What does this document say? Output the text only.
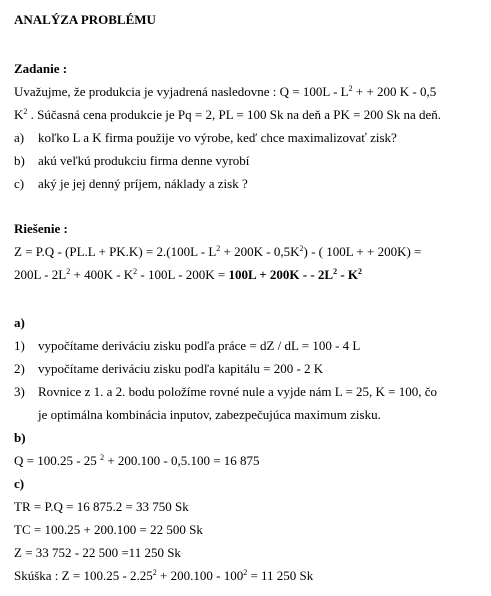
ANALÝZA PROBLÉMU
Zadanie :
Uvažujme, že produkcia je vyjadrená nasledovne : $Q = 100L - L^2$ + + 200 K - 0,5
$K^2$ . Súčasná cena produkcie je Pq = 2, PL = 100 Sk na deň a PK = 200 Sk na deň.
a) koľko L a K firma použije vo výrobe, keď chce maximalizovať zisk?
b) akú veľkú produkciu firma denne vyrobí
c) aký je jej denný príjem, náklady a zisk ?
Riešenie :
$Z = P.Q - (PL.L + PK.K) = 2.(100L - L^2 + 200K - 0,5K^2)$ - ( 100L + + 200K) =
$200L - 2L^2 + 400K - K^2 - 100L - 200K = 100L + 200K$ - - $2L^2 - K^2$
a)
1) vypočítame deriváciu zisku podľa práce = dZ / dL = 100 - 4 L
2) vypočítame deriváciu zisku podľa kapitálu = 200 - 2 K
3) Rovnice z 1. a 2. bodu položíme rovné nule a vyjde nám L = 25, K = 100, čo
je optimálna kombinácia inputov, zabezpečujúca maximum zisku.
b)
Q = 100.25 - 25 $^2$ + 200.100 - 0,5.100 = 16 875
c)
TR = P.Q = 16 875.2 = 33 750 Sk
TC = 100.25 + 200.100 = 22 500 Sk
Z = 33 752 - 22 500 =11 250 Sk
Skúška : $Z = 100.25 - 2.25^2 + 200.100 - 100^2 = 11$ 250 Sk
